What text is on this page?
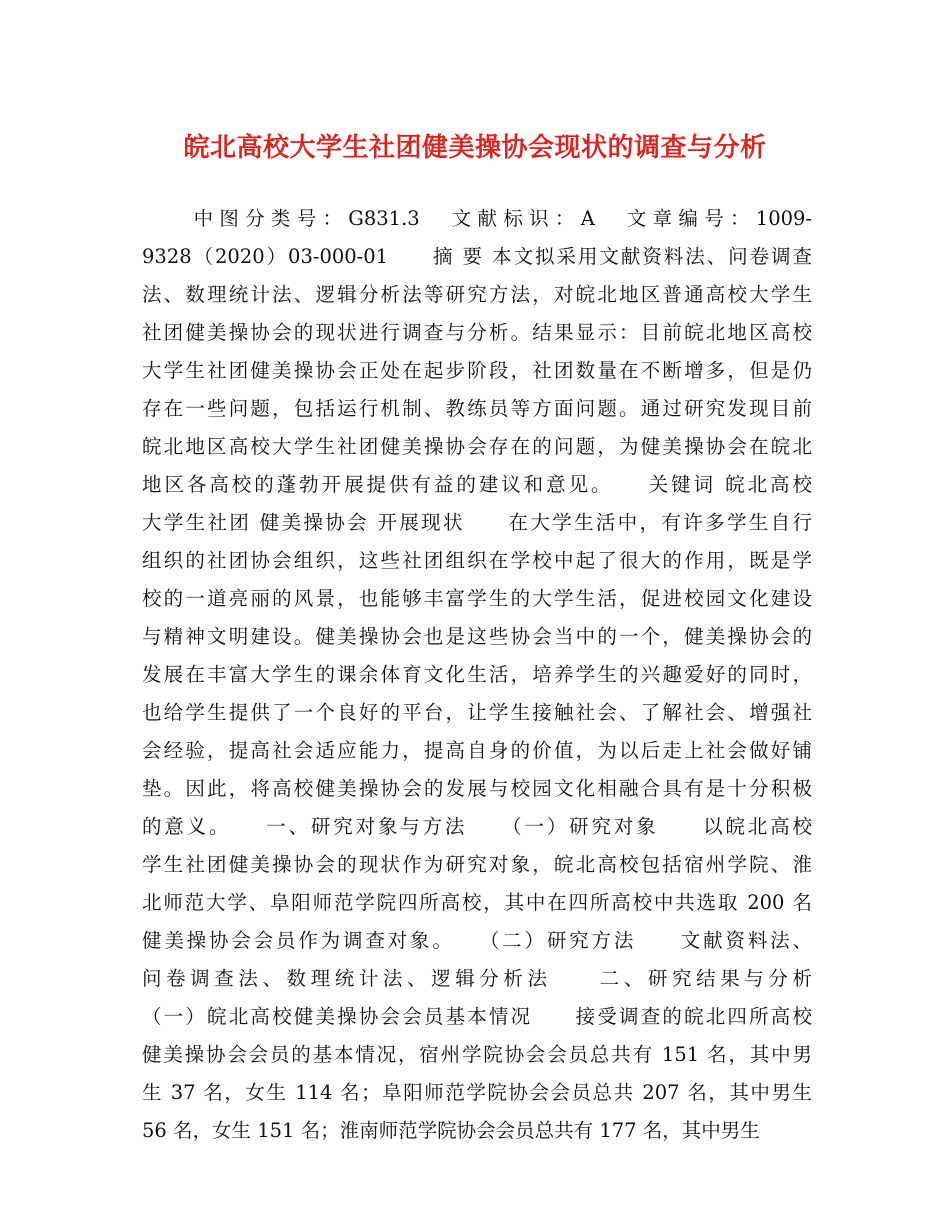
皖北高校大学生社团健美操协会现状的调查与分析
　　中图分类号：G831.3　文献标识：A　文章编号：1009-
9328（2020）03-000-01　　摘 要 本文拟采用文献资料法、问卷调查
法、数理统计法、逻辑分析法等研究方法，对皖北地区普通高校大学生
社团健美操协会的现状进行调查与分析。结果显示：目前皖北地区高校
大学生社团健美操协会正处在起步阶段，社团数量在不断增多，但是仍
存在一些问题，包括运行机制、教练员等方面问题。通过研究发现目前
皖北地区高校大学生社团健美操协会存在的问题，为健美操协会在皖北
地区各高校的蓬勃开展提供有益的建议和意见。　　关键词 皖北高校
大学生社团 健美操协会 开展现状　　在大学生活中，有许多学生自行
组织的社团协会组织，这些社团组织在学校中起了很大的作用，既是学
校的一道亮丽的风景，也能够丰富学生的大学生活，促进校园文化建设
与精神文明建设。健美操协会也是这些协会当中的一个，健美操协会的
发展在丰富大学生的课余体育文化生活，培养学生的兴趣爱好的同时，
也给学生提供了一个良好的平台，让学生接触社会、了解社会、增强社
会经验，提高社会适应能力，提高自身的价值，为以后走上社会做好铺
垫。因此，将高校健美操协会的发展与校园文化相融合具有是十分积极
的意义。　　一、研究对象与方法　　（一）研究对象　　以皖北高校
学生社团健美操协会的现状作为研究对象，皖北高校包括宿州学院、淮
北师范大学、阜阳师范学院四所高校，其中在四所高校中共选取 200 名
健美操协会会员作为调查对象。　　（二）研究方法　　文献资料法、
问卷调查法、数理统计法、逻辑分析法　　二、研究结果与分析
（一）皖北高校健美操协会会员基本情况　　接受调查的皖北四所高校
健美操协会会员的基本情况，宿州学院协会会员总共有 151 名，其中男
生 37 名，女生 114 名；阜阳师范学院协会会员总共 207 名，其中男生
56 名，女生 151 名；淮南师范学院协会会员总共有 177 名，其中男生
